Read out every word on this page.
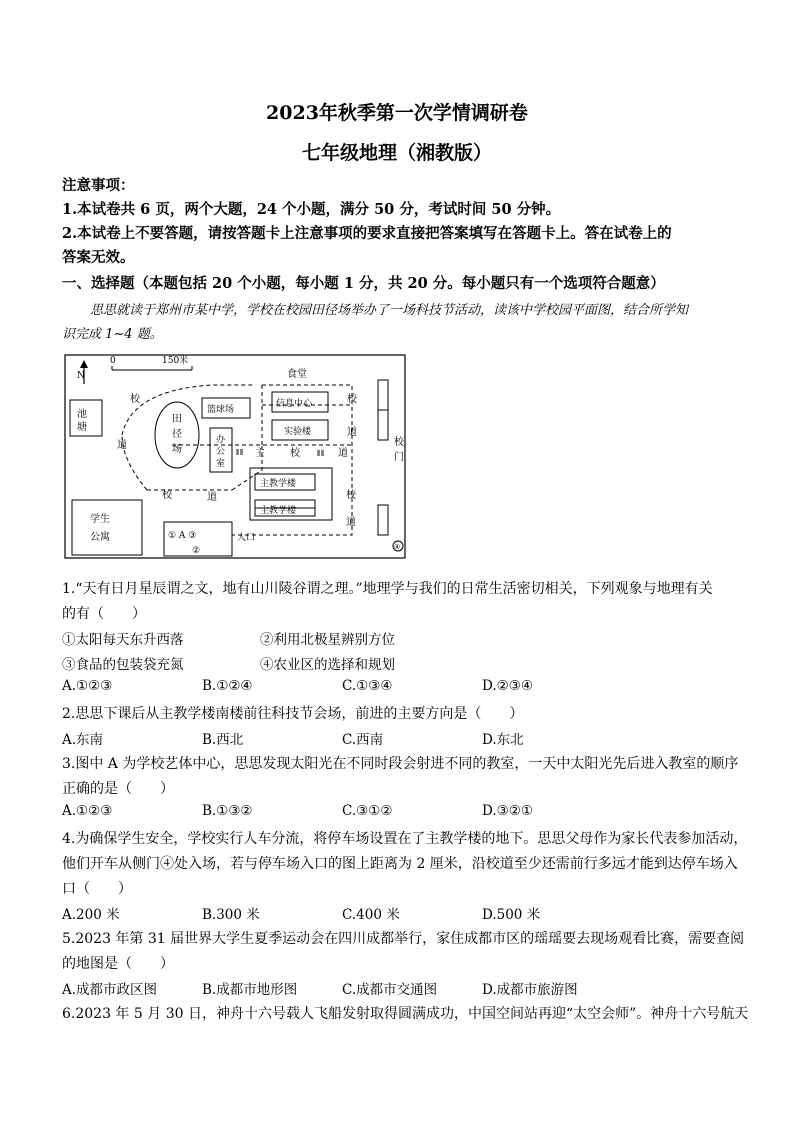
2023年秋季第一次学情调研卷
七年级地理（湘教版）
注意事项：
1.本试卷共 6 页，两个大题，24 个小题，满分 50 分，考试时间 50 分钟。
2.本试卷上不要答题，请按答题卡上注意事项的要求直接把答案填写在答题卡上。答在试卷上的
答案无效。
一、选择题（本题包括 20 个小题，每小题 1 分，共 20 分。每小题只有一个选项符合题意）
思思就读于郑州市某中学，学校在校园田径场举办了一场科技节活动，读该中学校园平面图，结合所学知
识完成 1~4 题。
N
0	150米
食堂
池
塘
田
径
场
篮球场
办
公
室
信息中心
实验楼
⦀⦀ 主	校 ⦀⦀ 道
主教学楼
主教学楼
学生
公寓	① A ③
②
人口
④
校
门
校
道
校	道
校
道
校
道
1.“天有日月星辰谓之文，地有山川陵谷谓之理。”地理学与我们的日常生活密切相关，下列观象与地理有关
的有（　　）
①太阳每天东升西落	②利用北极星辨别方位
③食品的包装袋充氮	④农业区的选择和规划
A.①②③	B.①②④	C.①③④	D.②③④
2.思思下课后从主教学楼南楼前往科技节会场，前进的主要方向是（　　）
A.东南	B.西北	C.西南	D.东北
3.图中 A 为学校艺体中心，思思发现太阳光在不同时段会射进不同的教室，一天中太阳光先后进入教室的顺序
正确的是（　　）
A.①②③	B.①③②	C.③①②	D.③②①
4.为确保学生安全，学校实行人车分流，将停车场设置在了主教学楼的地下。思思父母作为家长代表参加活动，
他们开车从侧门④处入场，若与停车场入口的图上距离为 2 厘米，沿校道至少还需前行多远才能到达停车场入
口（　　）
A.200 米	B.300 米	C.400 米	D.500 米
5.2023 年第 31 届世界大学生夏季运动会在四川成都举行，家住成都市区的瑶瑶要去现场观看比赛，需要查阅
的地图是（　　）
A.成都市政区图	B.成都市地形图	C.成都市交通图	D.成都市旅游图
6.2023 年 5 月 30 日，神舟十六号载人飞船发射取得圆满成功，中国空间站再迎“太空会师”。神舟十六号航天
